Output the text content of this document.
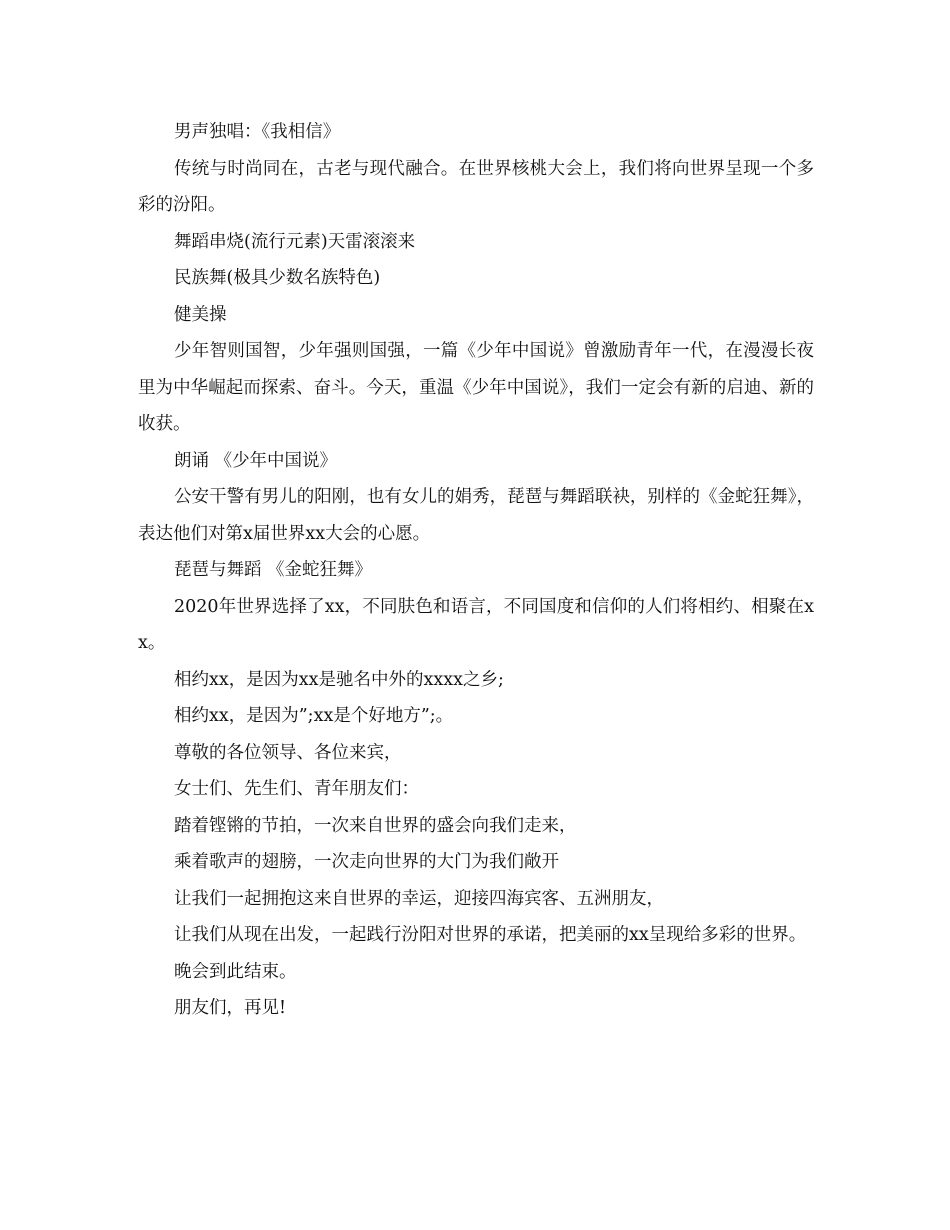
男声独唱：《我相信》

传统与时尚同在，古老与现代融合。在世界核桃大会上，我们将向世界呈现一个多彩的汾阳。

舞蹈串烧(流行元素)天雷滚滚来

民族舞(极具少数名族特色)

健美操

少年智则国智，少年强则国强，一篇《少年中国说》曾激励青年一代，在漫漫长夜里为中华崛起而探索、奋斗。今天，重温《少年中国说》，我们一定会有新的启迪、新的收获。

朗诵 《少年中国说》

公安干警有男儿的阳刚，也有女儿的娟秀，琵琶与舞蹈联袂，别样的《金蛇狂舞》，表达他们对第x届世界xx大会的心愿。

琵琶与舞蹈 《金蛇狂舞》

2020年世界选择了xx，不同肤色和语言，不同国度和信仰的人们将相约、相聚在xx。

相约xx，是因为xx是驰名中外的xxxx之乡;

相约xx，是因为”;xx是个好地方”;。

尊敬的各位领导、各位来宾，

女士们、先生们、青年朋友们：

踏着铿锵的节拍，一次来自世界的盛会向我们走来，

乘着歌声的翅膀，一次走向世界的大门为我们敞开

让我们一起拥抱这来自世界的幸运，迎接四海宾客、五洲朋友，

让我们从现在出发，一起践行汾阳对世界的承诺，把美丽的xx呈现给多彩的世界。

晚会到此结束。

朋友们，再见!
